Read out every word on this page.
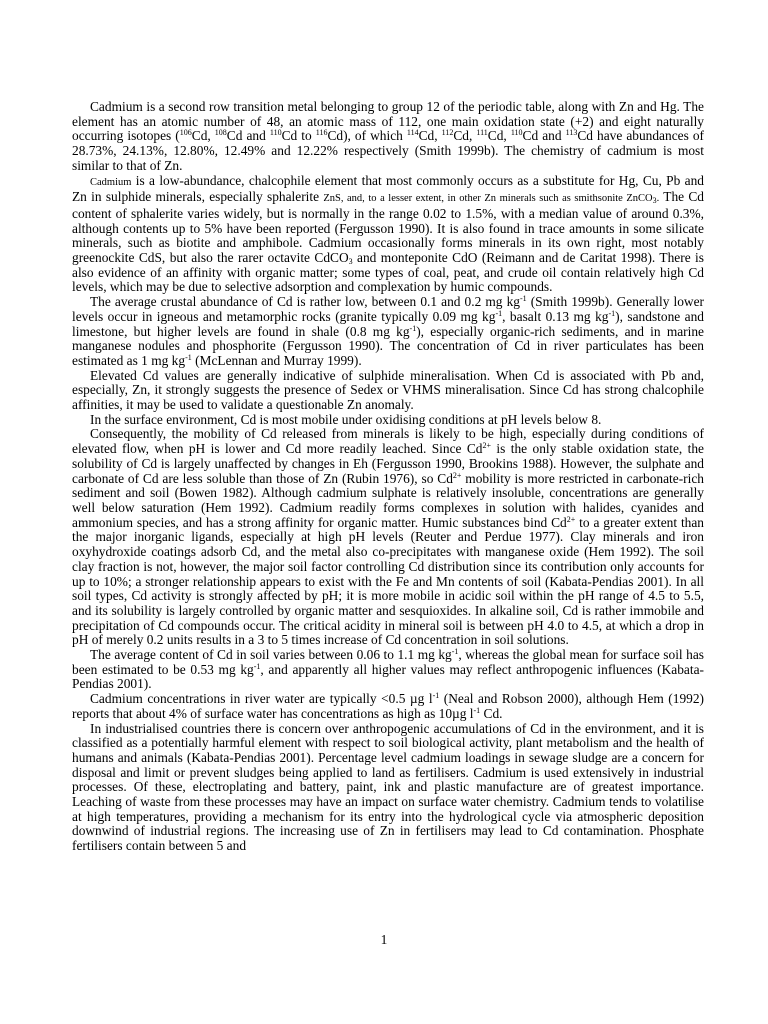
Cadmium is a second row transition metal belonging to group 12 of the periodic table, along with Zn and Hg. The element has an atomic number of 48, an atomic mass of 112, one main oxidation state (+2) and eight naturally occurring isotopes ($^{106}$Cd, $^{108}$Cd and $^{110}$Cd to $^{116}$Cd), of which $^{114}$Cd, $^{112}$Cd, $^{111}$Cd, $^{110}$Cd and $^{113}$Cd have abundances of 28.73%, 24.13%, 12.80%, 12.49% and 12.22% respectively (Smith 1999b). The chemistry of cadmium is most similar to that of Zn.

Cadmium is a low-abundance, chalcophile element that most commonly occurs as a substitute for Hg, Cu, Pb and Zn in sulphide minerals, especially sphalerite ZnS, and, to a lesser extent, in other Zn minerals such as smithsonite ZnCO$_3$. The Cd content of sphalerite varies widely, but is normally in the range 0.02 to 1.5%, with a median value of around 0.3%, although contents up to 5% have been reported (Fergusson 1990). It is also found in trace amounts in some silicate minerals, such as biotite and amphibole. Cadmium occasionally forms minerals in its own right, most notably greenockite CdS, but also the rarer octavite CdCO$_3$ and monteponite CdO (Reimann and de Caritat 1998). There is also evidence of an affinity with organic matter; some types of coal, peat, and crude oil contain relatively high Cd levels, which may be due to selective adsorption and complexation by humic compounds.

The average crustal abundance of Cd is rather low, between 0.1 and 0.2 mg $kg^{-1}$ (Smith 1999b). Generally lower levels occur in igneous and metamorphic rocks (granite typically 0.09 mg $kg^{-1}$, basalt 0.13 mg $kg^{-1}$), sandstone and limestone, but higher levels are found in shale (0.8 mg $kg^{-1}$), especially organic-rich sediments, and in marine manganese nodules and phosphorite (Fergusson 1990). The concentration of Cd in river particulates has been estimated as 1 mg $kg^{-1}$ (McLennan and Murray 1999).

Elevated Cd values are generally indicative of sulphide mineralisation. When Cd is associated with Pb and, especially, Zn, it strongly suggests the presence of Sedex or VHMS mineralisation. Since Cd has strong chalcophile affinities, it may be used to validate a questionable Zn anomaly.

In the surface environment, Cd is most mobile under oxidising conditions at pH levels below 8.

Consequently, the mobility of Cd released from minerals is likely to be high, especially during conditions of elevated flow, when pH is lower and Cd more readily leached. Since $Cd^{2+}$ is the only stable oxidation state, the solubility of Cd is largely unaffected by changes in Eh (Fergusson 1990, Brookins 1988). However, the sulphate and carbonate of Cd are less soluble than those of Zn (Rubin 1976), so $Cd^{2+}$ mobility is more restricted in carbonate-rich sediment and soil (Bowen 1982). Although cadmium sulphate is relatively insoluble, concentrations are generally well below saturation (Hem 1992). Cadmium readily forms complexes in solution with halides, cyanides and ammonium species, and has a strong affinity for organic matter. Humic substances bind $Cd^{2+}$ to a greater extent than the major inorganic ligands, especially at high pH levels (Reuter and Perdue 1977). Clay minerals and iron oxyhydroxide coatings adsorb Cd, and the metal also co-precipitates with manganese oxide (Hem 1992). The soil clay fraction is not, however, the major soil factor controlling Cd distribution since its contribution only accounts for up to 10%; a stronger relationship appears to exist with the Fe and Mn contents of soil (Kabata-Pendias 2001). In all soil types, Cd activity is strongly affected by pH; it is more mobile in acidic soil within the pH range of 4.5 to 5.5, and its solubility is largely controlled by organic matter and sesquioxides. In alkaline soil, Cd is rather immobile and precipitation of Cd compounds occur. The critical acidity in mineral soil is between pH 4.0 to 4.5, at which a drop in pH of merely 0.2 units results in a 3 to 5 times increase of Cd concentration in soil solutions.

The average content of Cd in soil varies between 0.06 to 1.1 mg $kg^{-1}$, whereas the global mean for surface soil has been estimated to be 0.53 mg $kg^{-1}$, and apparently all higher values may reflect anthropogenic influences (Kabata- Pendias 2001).

Cadmium concentrations in river water are typically <0.5 µg $l^{-1}$ (Neal and Robson 2000), although Hem (1992) reports that about 4% of surface water has concentrations as high as 10µg $l^{-1}$ Cd.

In industrialised countries there is concern over anthropogenic accumulations of Cd in the environment, and it is classified as a potentially harmful element with respect to soil biological activity, plant metabolism and the health of humans and animals (Kabata-Pendias 2001). Percentage level cadmium loadings in sewage sludge are a concern for disposal and limit or prevent sludges being applied to land as fertilisers. Cadmium is used extensively in industrial processes. Of these, electroplating and battery, paint, ink and plastic manufacture are of greatest importance. Leaching of waste from these processes may have an impact on surface water chemistry. Cadmium tends to volatilise at high temperatures, providing a mechanism for its entry into the hydrological cycle via atmospheric deposition downwind of industrial regions. The increasing use of Zn in fertilisers may lead to Cd contamination. Phosphate fertilisers contain between 5 and

1
